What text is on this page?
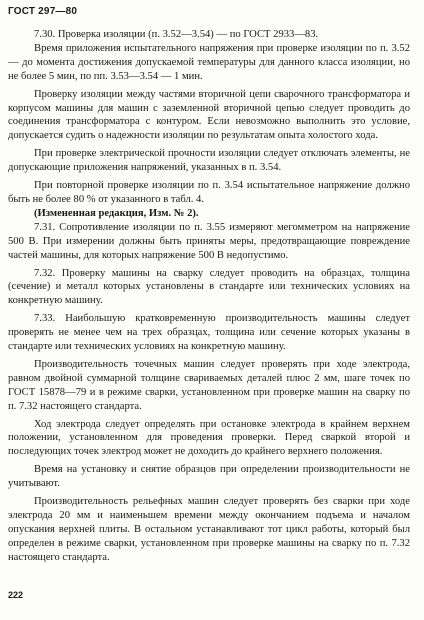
ГОСТ 297—80

7.30. Проверка изоляции (п. 3.52—3.54) — по ГОСТ 2933—83.

Время приложения испытательного напряжения при проверке изоляции по п. 3.52 — до момента достижения допускаемой температуры для данного класса изоляции, но не более 5 мин, по пп. 3.53—3.54 — 1 мин.

Проверку изоляции между частями вторичной цепи сварочного трансформатора и корпусом машины для машин с заземленной вторичной цепью следует проводить до соединения трансформатора с контуром. Если невозможно выполнить это условие, допускается судить о надежности изоляции по результатам опыта холостого хода.

При проверке электрической прочности изоляции следует отключать элементы, не допускающие приложения напряжений, указанных в п. 3.54.

При повторной проверке изоляции по п. 3.54 испытательное напряжение должно быть не более 80 % от указанного в табл. 4.

(Измененная редакция, Изм. № 2).

7.31. Сопротивление изоляции по п. 3.55 измеряют мегомметром на напряжение 500 В. При измерении должны быть приняты меры, предотвращающие повреждение частей машины, для которых напряжение 500 В недопустимо.

7.32. Проверку машины на сварку следует проводить на образцах, толщина (сечение) и металл которых установлены в стандарте или технических условиях на конкретную машину.

7.33. Наибольшую кратковременную производительность машины следует проверять не менее чем на трех образцах, толщина или сечение которых указаны в стандарте или технических условиях на конкретную машину.

Производительность точечных машин следует проверять при ходе электрода, равном двойной суммарной толщине свариваемых деталей плюс 2 мм, шаге точек по ГОСТ 15878—79 и в режиме сварки, установленном при проверке машин на сварку по п. 7.32 настоящего стандарта.

Ход электрода следует определять при остановке электрода в крайнем верхнем положении, установленном для проведения проверки. Перед сваркой второй и последующих точек электрод может не доходить до крайнего верхнего положения.

Время на установку и снятие образцов при определении производительности не учитывают.

Производительность рельефных машин следует проверять без сварки при ходе электрода 20 мм и наименьшем времени между окончанием подъема и началом опускания верхней плиты. В остальном устанавливают тот цикл работы, который был определен в режиме сварки, установленном при проверке машины на сварку по п. 7.32 настоящего стандарта.

222
